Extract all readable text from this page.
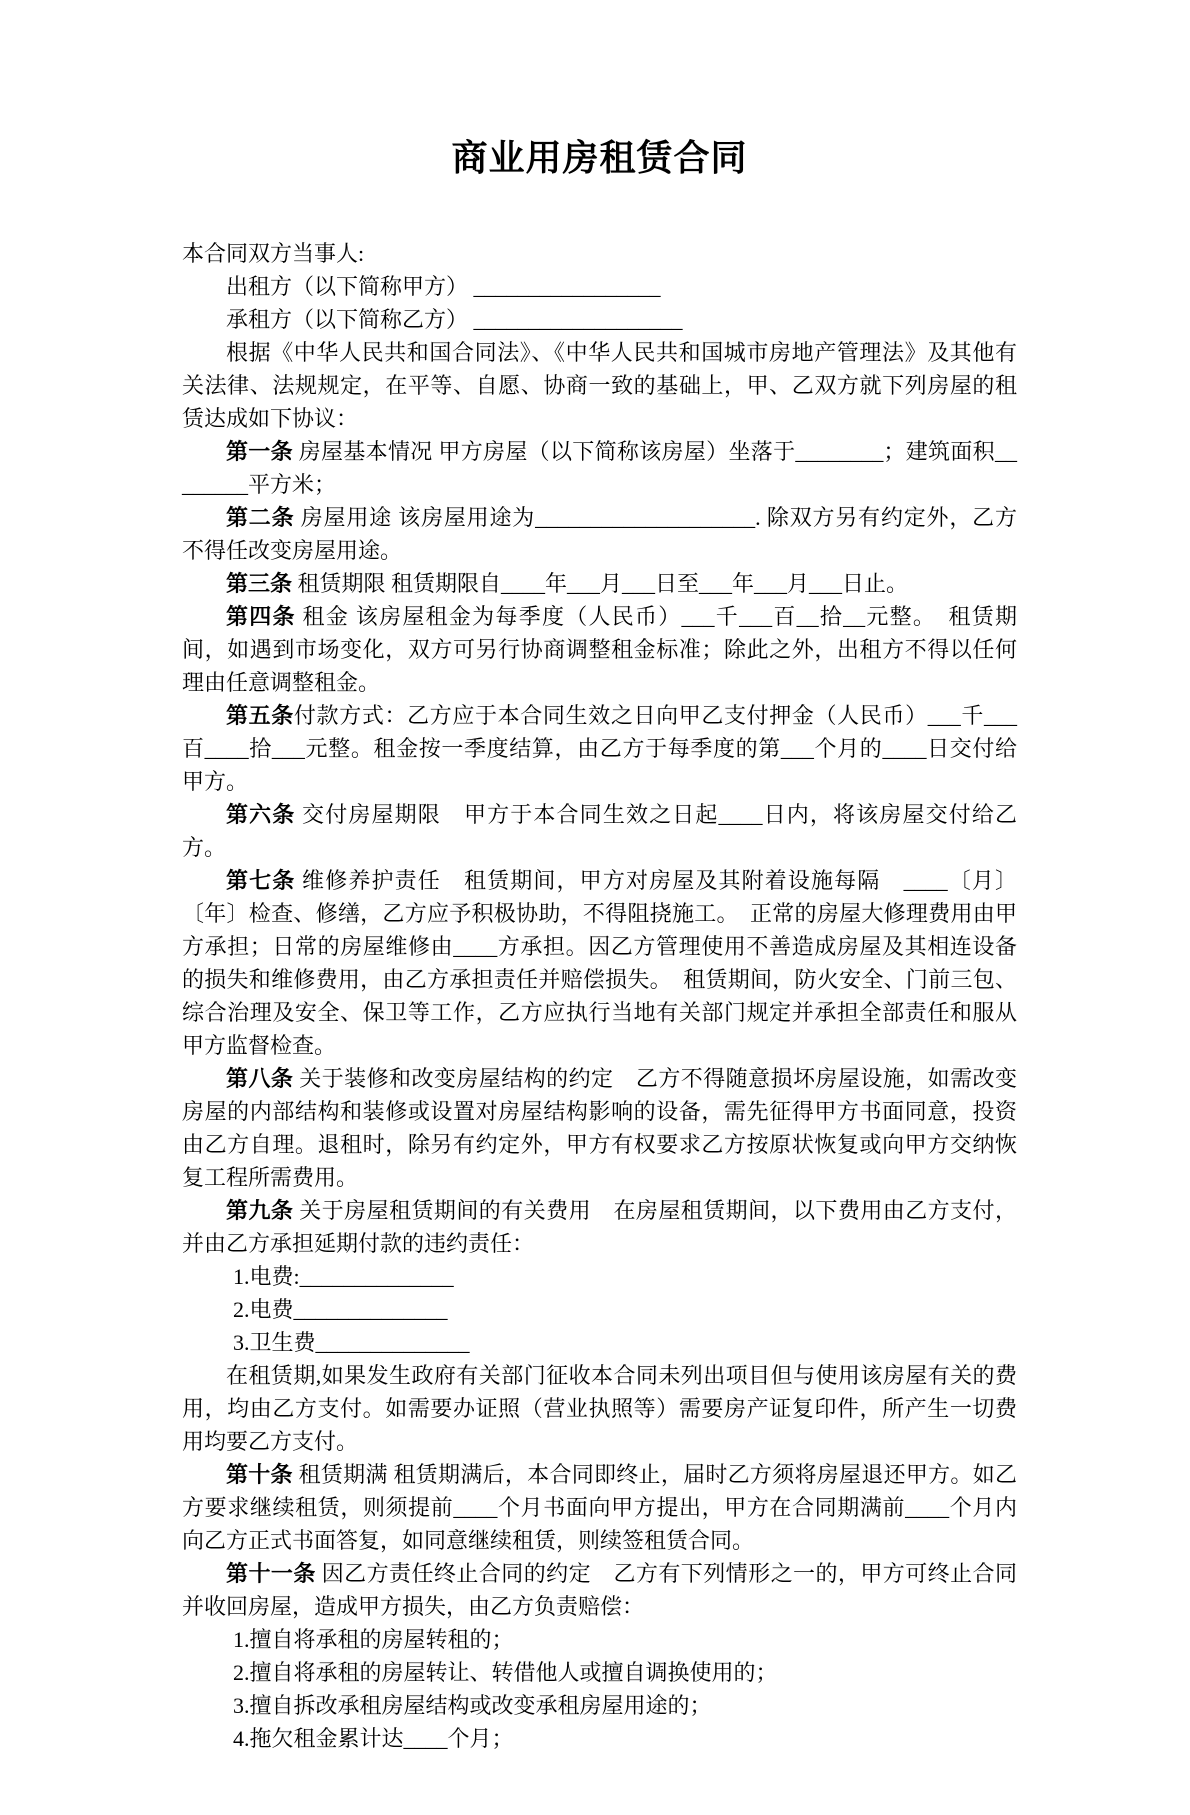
商业用房租赁合同

本合同双方当事人:

出租方（以下简称甲方） _________________

承租方（以下简称乙方） ___________________

根据《中华人民共和国合同法》、《中华人民共和国城市房地产管理法》及其他有关法律、法规规定，在平等、自愿、协商一致的基础上，甲、乙双方就下列房屋的租赁达成如下协议：

第一条 房屋基本情况 甲方房屋（以下简称该房屋）坐落于________；建筑面积________平方米；

第二条 房屋用途 该房屋用途为____________________. 除双方另有约定外，乙方不得任改变房屋用途。

第三条 租赁期限 租赁期限自____年___月___日至___年___月___日止。

第四条 租金 该房屋租金为每季度（人民币）___千___百__拾__元整。　租赁期间，如遇到市场变化，双方可另行协商调整租金标准；除此之外，出租方不得以任何理由任意调整租金。

第五条付款方式：乙方应于本合同生效之日向甲乙支付押金（人民币）___千___百____拾___元整。租金按一季度结算，由乙方于每季度的第___个月的____日交付给甲方。

第六条 交付房屋期限　甲方于本合同生效之日起____日内，将该房屋交付给乙方。

第七条 维修养护责任　租赁期间，甲方对房屋及其附着设施每隔　____〔月〕〔年〕检查、修缮，乙方应予积极协助，不得阻挠施工。　正常的房屋大修理费用由甲方承担；日常的房屋维修由____方承担。因乙方管理使用不善造成房屋及其相连设备的损失和维修费用，由乙方承担责任并赔偿损失。　租赁期间，防火安全、门前三包、综合治理及安全、保卫等工作，乙方应执行当地有关部门规定并承担全部责任和服从甲方监督检查。

第八条 关于装修和改变房屋结构的约定　乙方不得随意损坏房屋设施，如需改变房屋的内部结构和装修或设置对房屋结构影响的设备，需先征得甲方书面同意，投资由乙方自理。退租时，除另有约定外，甲方有权要求乙方按原状恢复或向甲方交纳恢复工程所需费用。

第九条 关于房屋租赁期间的有关费用　在房屋租赁期间，以下费用由乙方支付，并由乙方承担延期付款的违约责任：

1.电费:______________

2.电费______________

3.卫生费______________

在租赁期,如果发生政府有关部门征收本合同未列出项目但与使用该房屋有关的费用，均由乙方支付。如需要办证照（营业执照等）需要房产证复印件，所产生一切费用均要乙方支付。

第十条 租赁期满 租赁期满后，本合同即终止，届时乙方须将房屋退还甲方。如乙方要求继续租赁，则须提前____个月书面向甲方提出，甲方在合同期满前____个月内向乙方正式书面答复，如同意继续租赁，则续签租赁合同。

第十一条 因乙方责任终止合同的约定　乙方有下列情形之一的，甲方可终止合同并收回房屋，造成甲方损失，由乙方负责赔偿：

1.擅自将承租的房屋转租的；

2.擅自将承租的房屋转让、转借他人或擅自调换使用的；

3.擅自拆改承租房屋结构或改变承租房屋用途的；

4.拖欠租金累计达____个月；
